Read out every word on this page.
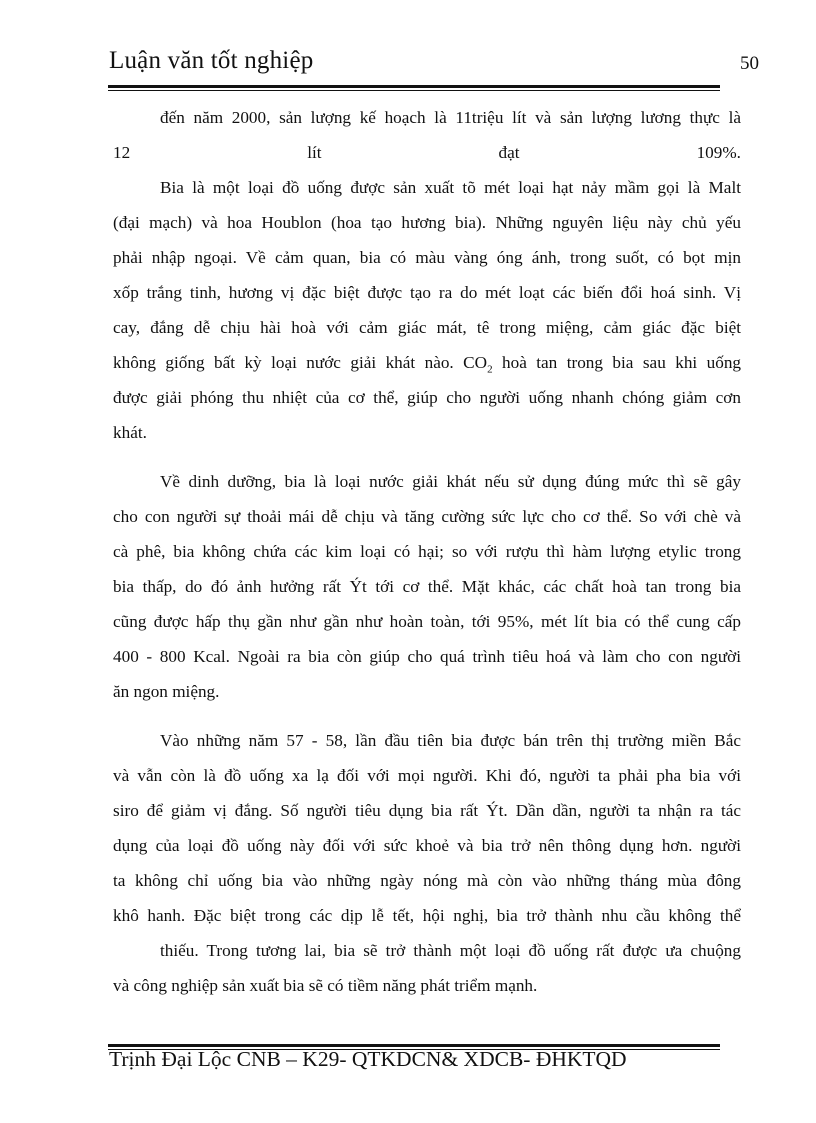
Luận văn tốt nghiệp	50
đến năm 2000, sản lượng kế hoạch là 11triệu lít và sản lượng lương thực là
12	lít	đạt	109%.
Bia là một loại đồ uống được sản xuất tõ mét loại hạt nảy mầm gọi là Malt
(đại mạch) và hoa Houblon (hoa tạo hương bia). Những nguyên liệu này chủ yếu
phải nhập ngoại. Về cảm quan, bia có màu vàng óng ánh, trong suốt, có bọt mịn
xốp trắng tinh, hương vị đặc biệt được tạo ra do mét loạt các biến đổi hoá sinh. Vị
cay, đắng dễ chịu hài hoà với cảm giác mát, tê trong miệng, cảm giác đặc biệt
không giống bất kỳ loại nước giải khát nào. $CO_2$ hoà tan trong bia sau khi uống
được giải phóng thu nhiệt của cơ thể, giúp cho người uống nhanh chóng giảm cơn
khát.
Về dinh dưỡng, bia là loại nước giải khát nếu sử dụng đúng mức thì sẽ gây
cho con người sự thoải mái dễ chịu và tăng cường sức lực cho cơ thể. So với chè và
cà phê, bia không chứa các kim loại có hại; so với rượu thì hàm lượng etylic trong
bia thấp, do đó ảnh hưởng rất Ýt tới cơ thể. Mặt khác, các chất hoà tan trong bia
cũng được hấp thụ gần như gần như hoàn toàn, tới 95%, mét lít bia có thể cung cấp
400 - 800 Kcal. Ngoài ra bia còn giúp cho quá trình tiêu hoá và làm cho con người
ăn ngon miệng.
Vào những năm 57 - 58, lần đầu tiên bia được bán trên thị trường miền Bắc
và vẫn còn là đồ uống xa lạ đối với mọi người. Khi đó, người ta phải pha bia với
siro để giảm vị đắng. Số người tiêu dụng bia rất Ýt. Dần dần, người ta nhận ra tác
dụng của loại đồ uống này đối với sức khoẻ và bia trở nên thông dụng hơn. người
ta không chỉ uống bia vào những ngày nóng mà còn vào những tháng mùa đông
khô hanh. Đặc biệt trong các dịp lễ tết, hội nghị, bia trở thành nhu cầu không thể
thiếu. Trong tương lai, bia sẽ trở thành một loại đồ uống rất được ưa chuộng
và công nghiệp sản xuất bia sẽ có tiềm năng phát triểm mạnh.
Trịnh Đại Lộc CNB – K29- QTKDCN& XDCB- ĐHKTQD
